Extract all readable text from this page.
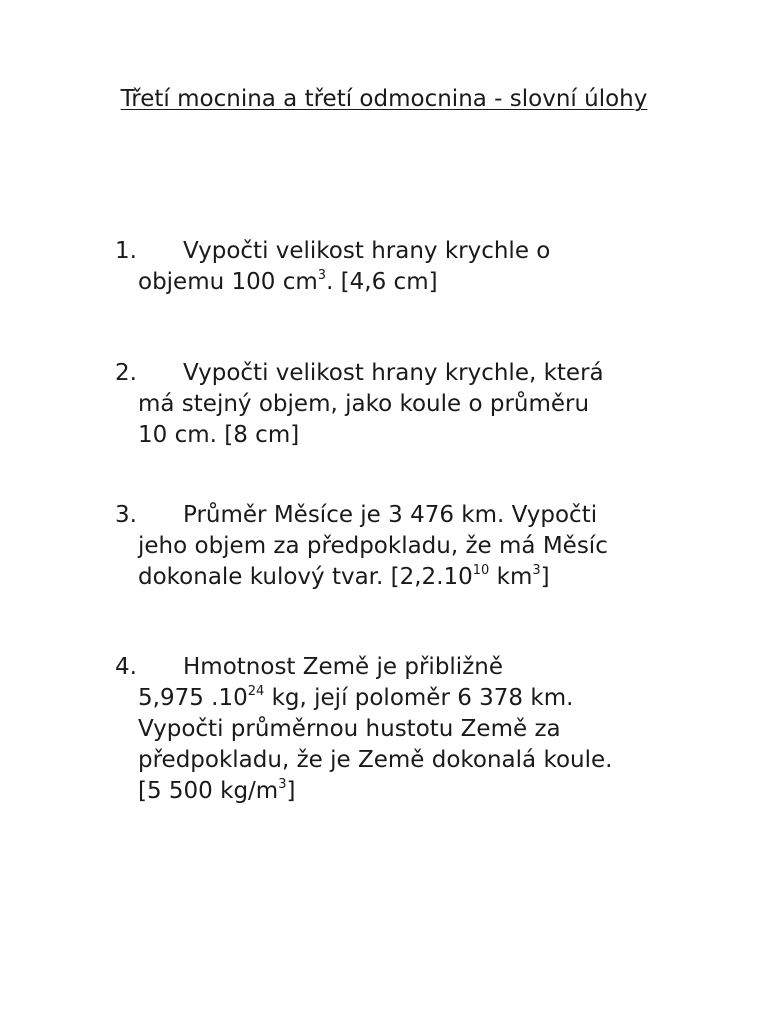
Třetí mocnina a třetí odmocnina - slovní úlohy
1. Vypočti velikost hrany krychle o
objemu 100 $cm^3$. [4,6 cm]
2. Vypočti velikost hrany krychle, která
má stejný objem, jako koule o průměru
10 cm. [8 cm]
3. Průměr Měsíce je 3 476 km. Vypočti
jeho objem za předpokladu, že má Měsíc
dokonale kulový tvar. [2,2.10$^{10}$ $km^3$]
4. Hmotnost Země je přibližně
5,975 $.10^{24}$ kg, její poloměr 6 378 km.
Vypočti průměrnou hustotu Země za
předpokladu, že je Země dokonalá koule.
[5 500 $kg/m^3$]
